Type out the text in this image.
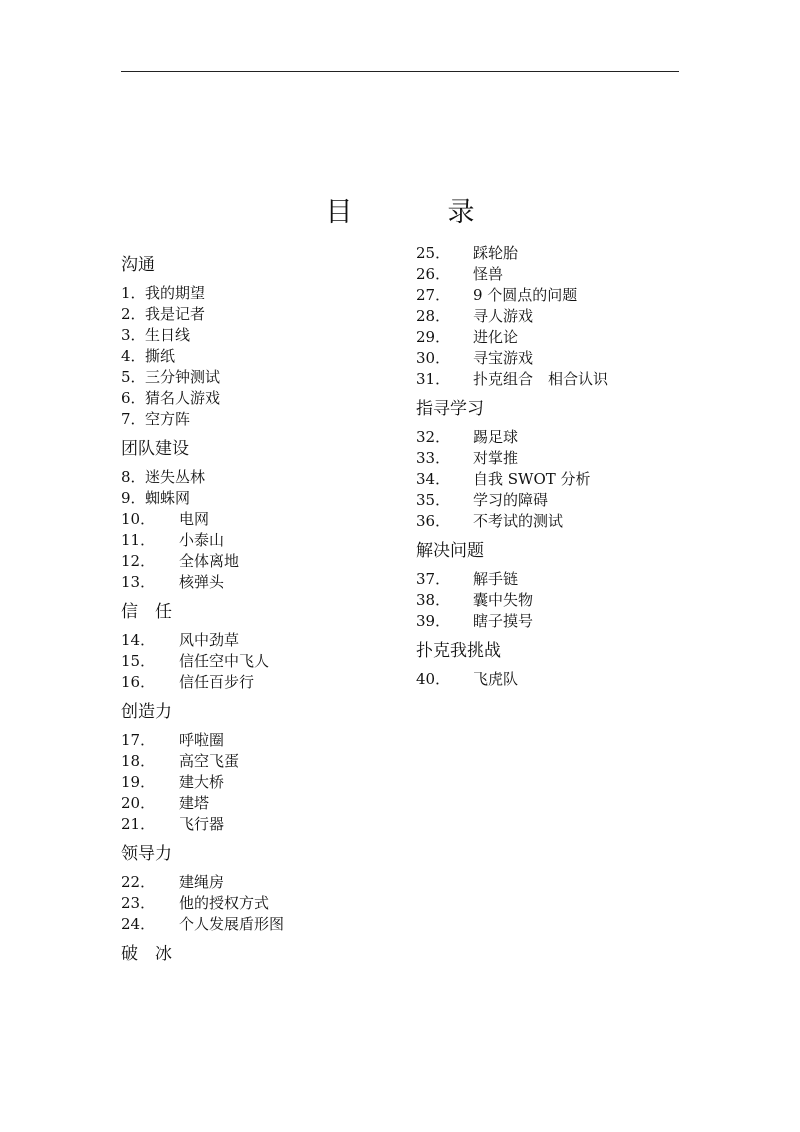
目　录
沟通
1．我的期望
2．我是记者
3．生日线
4．撕纸
5．三分钟测试
6．猜名人游戏
7．空方阵
团队建设
8．迷失丛林
9．蜘蛛网
10． 电网
11． 小泰山
12． 全体离地
13． 核弹头
信　任
14． 风中劲草
15． 信任空中飞人
16． 信任百步行
创造力
17． 呼啦圈
18． 高空飞蛋
19． 建大桥
20． 建塔
21． 飞行器
领导力
22． 建绳房
23． 他的授权方式
24． 个人发展盾形图
破　冰
25． 踩轮胎
26． 怪兽
27． 9 个圆点的问题
28． 寻人游戏
29． 进化论
30． 寻宝游戏
31． 扑克组合　相合认识
指寻学习
32． 踢足球
33． 对掌推
34． 自我 SWOT 分析
35． 学习的障碍
36． 不考试的测试
解决问题
37． 解手链
38． 囊中失物
39． 瞎子摸号
扑克我挑战
40． 飞虎队
